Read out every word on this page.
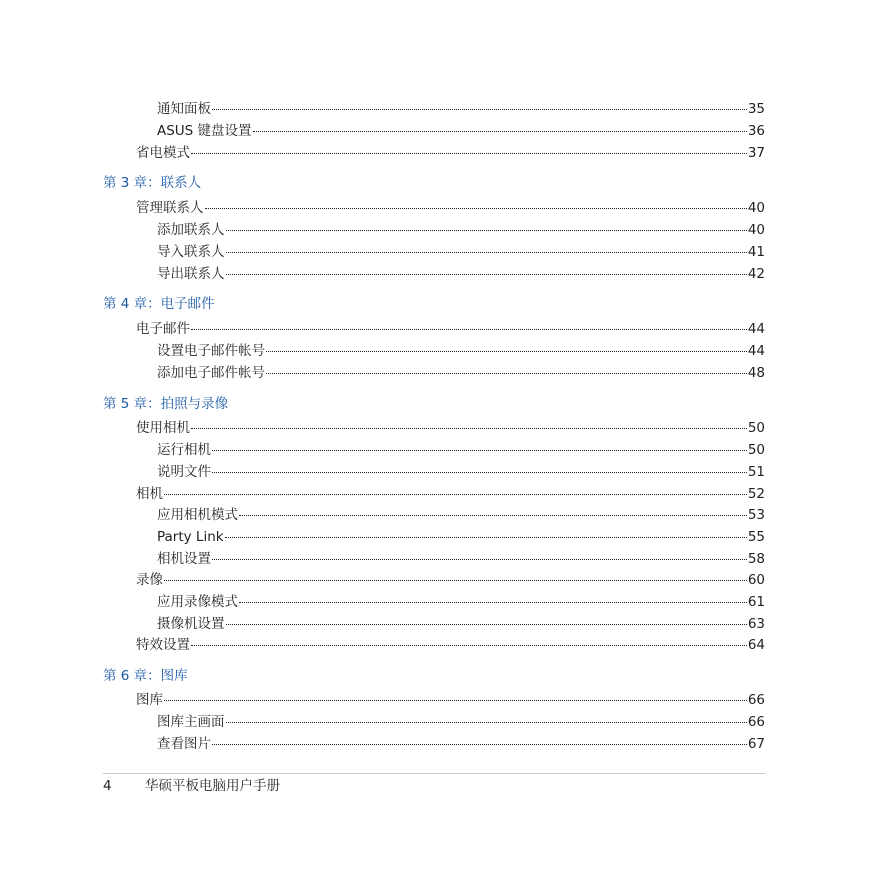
通知面板	35
ASUS 键盘设置	36
省电模式	37
第 3 章：联系人
管理联系人	40
添加联系人	40
导入联系人	41
导出联系人	42
第 4 章：电子邮件
电子邮件	44
设置电子邮件帐号	44
添加电子邮件帐号	48
第 5 章：拍照与录像
使用相机	50
运行相机	50
说明文件	51
相机	52
应用相机模式	53
Party Link	55
相机设置	58
录像	60
应用录像模式	61
摄像机设置	63
特效设置	64
第 6 章：图库
图库	66
图库主画面	66
查看图片	67
4 华硕平板电脑用户手册
